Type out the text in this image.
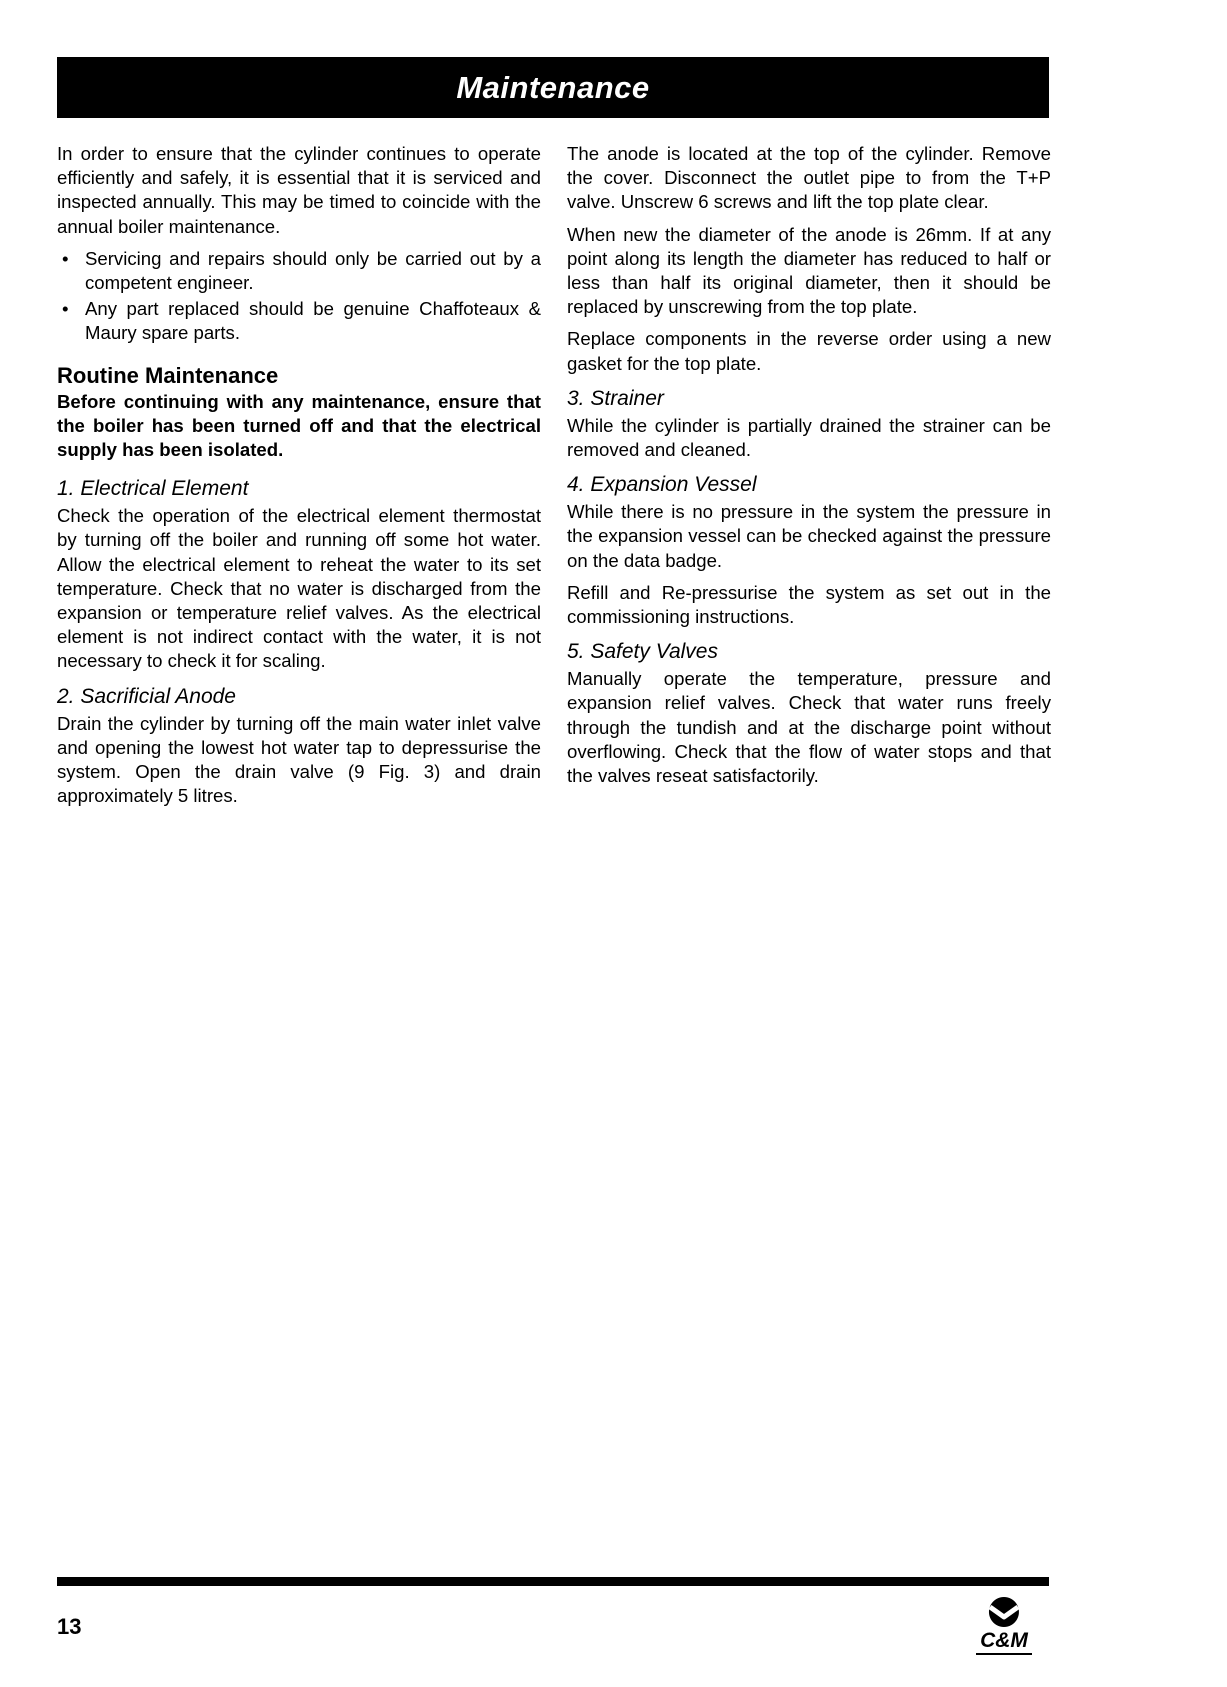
Maintenance

In order to ensure that the cylinder continues to operate efficiently and safely, it is essential that it is serviced and inspected annually. This may be timed to coincide with the annual boiler maintenance.

• Servicing and repairs should only be carried out by a competent engineer.
• Any part replaced should be genuine Chaffoteaux & Maury spare parts.
Routine Maintenance

Before continuing with any maintenance, ensure that the boiler has been turned off and that the electrical supply has been isolated.

1. Electrical Element

Check the operation of the electrical element thermostat by turning off the boiler and running off some hot water. Allow the electrical element to reheat the water to its set temperature. Check that no water is discharged from the expansion or temperature relief valves. As the electrical element is not indirect contact with the water, it is not necessary to check it for scaling.

2. Sacrificial Anode

Drain the cylinder by turning off the main water inlet valve and opening the lowest hot water tap to depressurise the system. Open the drain valve (9 Fig. 3) and drain approximately 5 litres.

The anode is located at the top of the cylinder. Remove the cover. Disconnect the outlet pipe to from the T+P valve. Unscrew 6 screws and lift the top plate clear.

When new the diameter of the anode is 26mm. If at any point along its length the diameter has reduced to half or less than half its original diameter, then it should be replaced by unscrewing from the top plate.

Replace components in the reverse order using a new gasket for the top plate.

3. Strainer

While the cylinder is partially drained the strainer can be removed and cleaned.

4. Expansion Vessel

While there is no pressure in the system the pressure in the expansion vessel can be checked against the pressure on the data badge.

Refill and Re-pressurise the system as set out in the commissioning instructions.

5. Safety Valves

Manually operate the temperature, pressure and expansion relief valves. Check that water runs freely through the tundish and at the discharge point without overflowing. Check that the flow of water stops and that the valves reseat satisfactorily.

13
C&M
